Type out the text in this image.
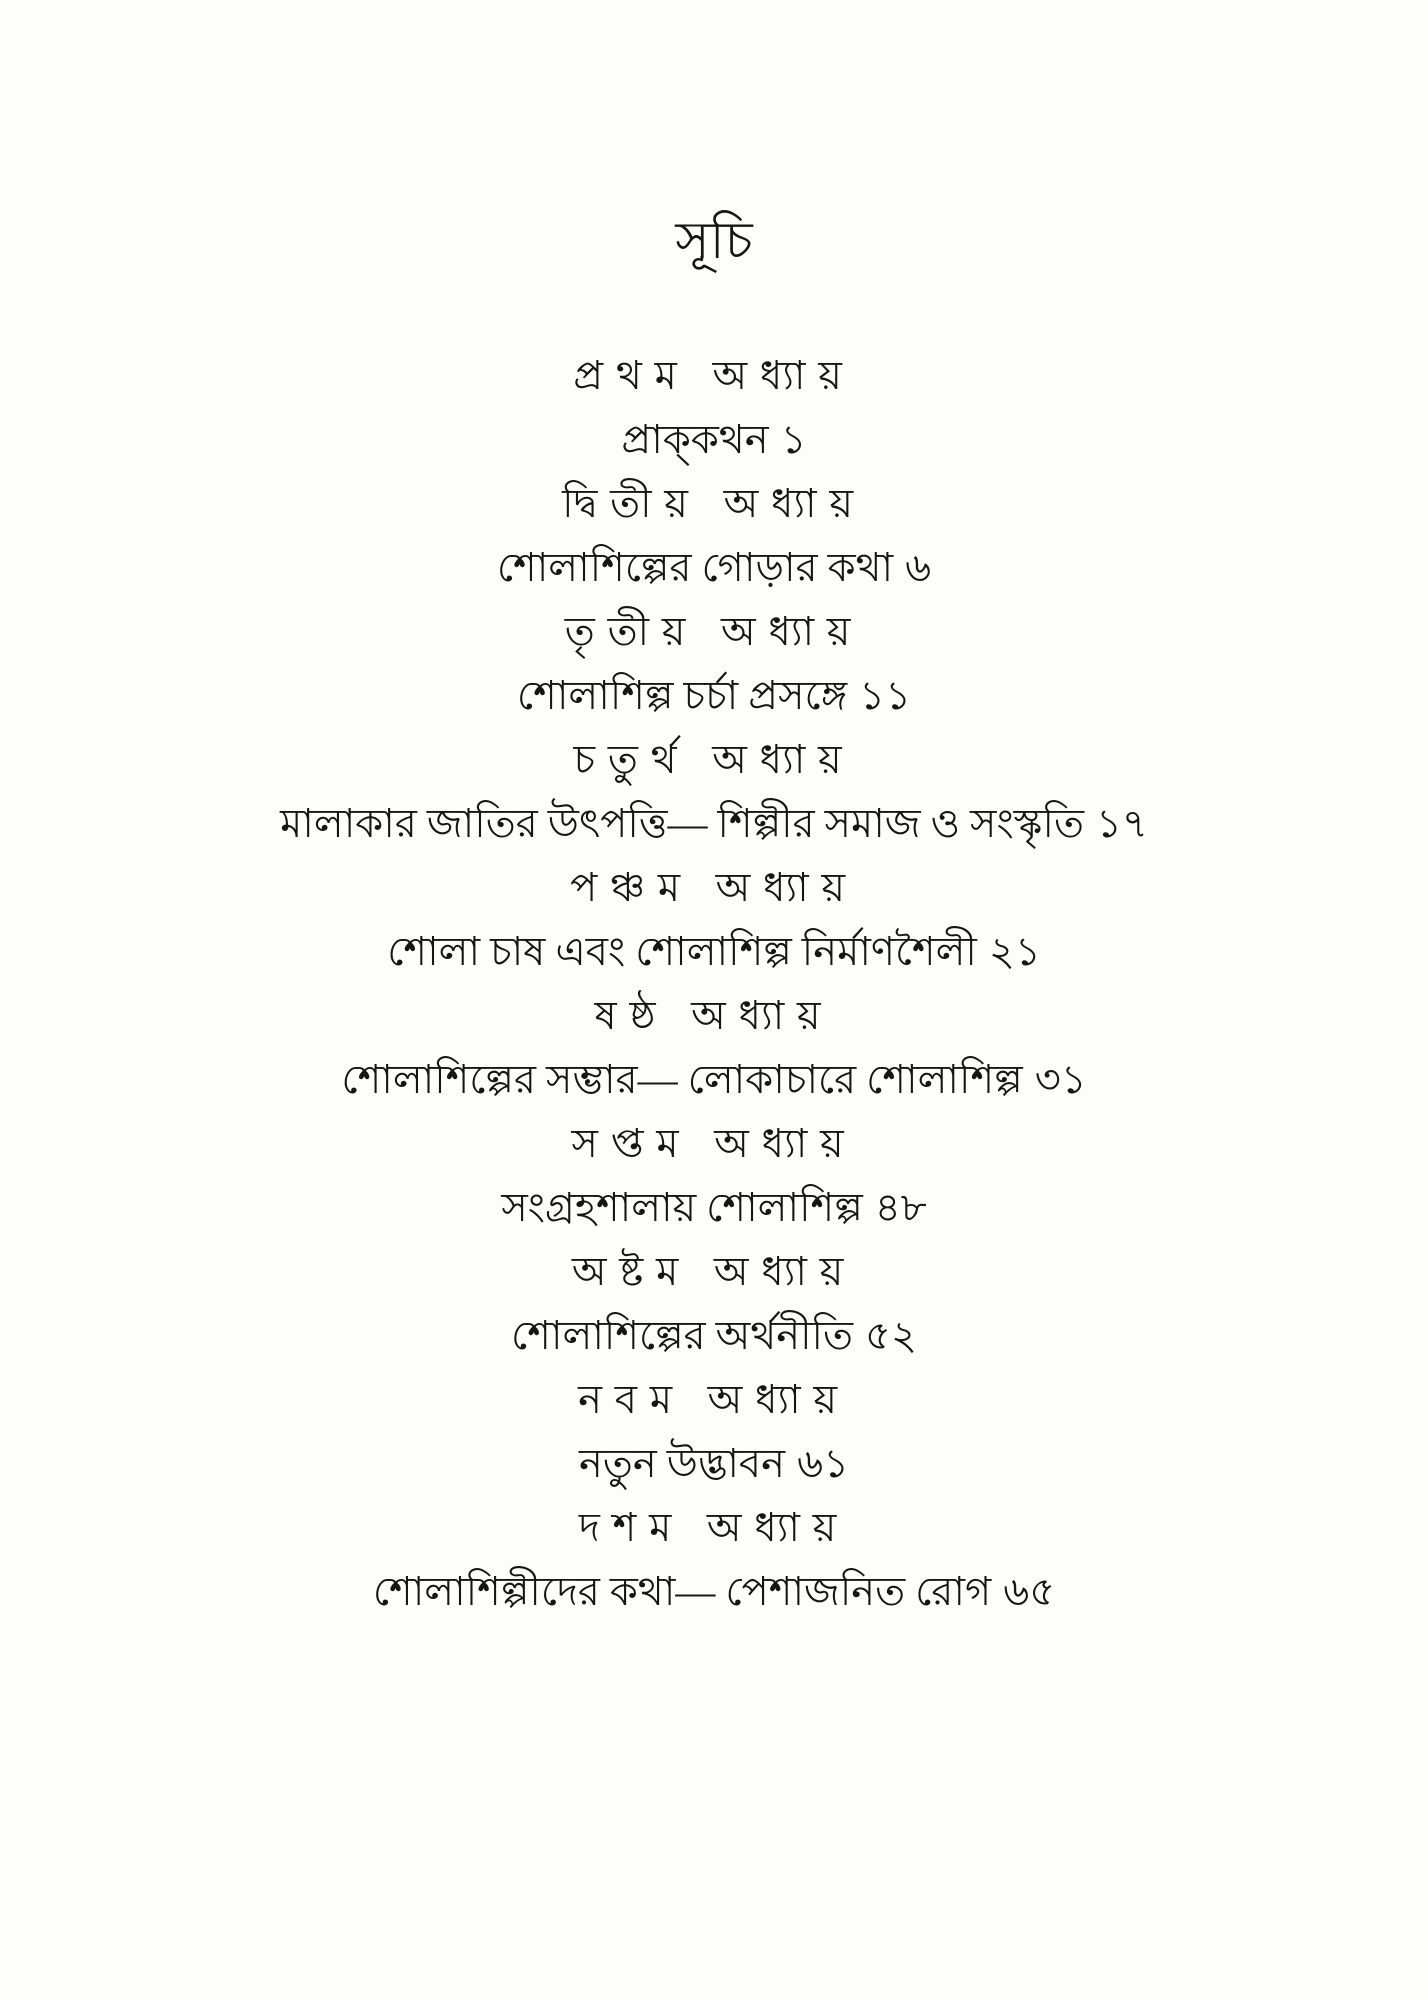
সূচি
প্রথম অধ্যায়
প্রাক্‌কথন ১
দ্বিতীয় অধ্যায়
শোলাশিল্পের গোড়ার কথা ৬
তৃতীয় অধ্যায়
শোলাশিল্প চর্চা প্রসঙ্গে ১১
চতুর্থ অধ্যায়
মালাকার জাতির উৎপত্তি— শিল্পীর সমাজ ও সংস্কৃতি ১৭
পঞ্চম অধ্যায়
শোলা চাষ এবং শোলাশিল্প নির্মাণশৈলী ২১
ষষ্ঠ অধ্যায়
শোলাশিল্পের সম্ভার— লোকাচারে শোলাশিল্প ৩১
সপ্তম অধ্যায়
সংগ্রহশালায় শোলাশিল্প ৪৮
অষ্টম অধ্যায়
শোলাশিল্পের অর্থনীতি ৫২
নবম অধ্যায়
নতুন উদ্ভাবন ৬১
দশম অধ্যায়
শোলাশিল্পীদের কথা— পেশাজনিত রোগ ৬৫
